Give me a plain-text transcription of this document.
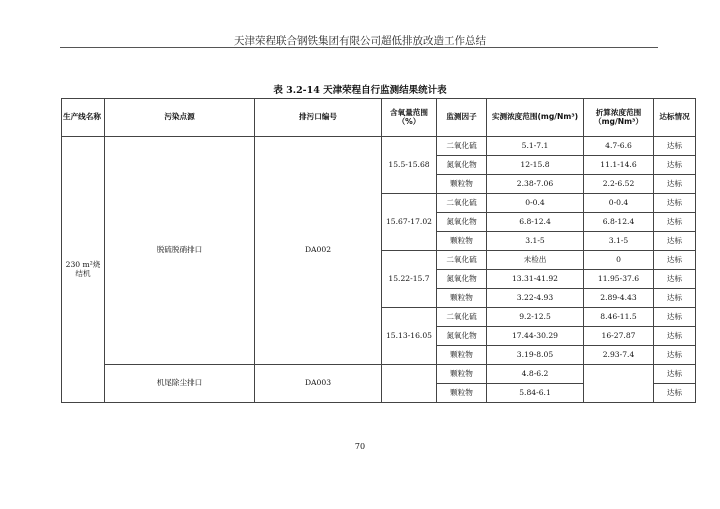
天津荣程联合钢铁集团有限公司超低排放改造工作总结
表 3.2-14 天津荣程自行监测结果统计表
生产线名称	污染点源	排污口编号	含氧量范围（%）	监测因子	实测浓度范围(mg/Nm³)	折算浓度范围（mg/Nm³）	达标情况
230 m²烧结机	脱硫脱硝排口	DA002	15.5-15.68	二氧化硫	5.1-7.1	4.7-6.6	达标
				氮氧化物	12-15.8	11.1-14.6	达标
				颗粒物	2.38-7.06	2.2-6.52	达标
			15.67-17.02	二氧化硫	0-0.4	0-0.4	达标
				氮氧化物	6.8-12.4	6.8-12.4	达标
				颗粒物	3.1-5	3.1-5	达标
			15.22-15.7	二氧化硫	未检出	0	达标
				氮氧化物	13.31-41.92	11.95-37.6	达标
				颗粒物	3.22-4.93	2.89-4.43	达标
			15.13-16.05	二氧化硫	9.2-12.5	8.46-11.5	达标
				氮氧化物	17.44-30.29	16-27.87	达标
				颗粒物	3.19-8.05	2.93-7.4	达标
	机尾除尘排口	DA003		颗粒物	4.8-6.2		达标
				颗粒物	5.84-6.1		达标
70
